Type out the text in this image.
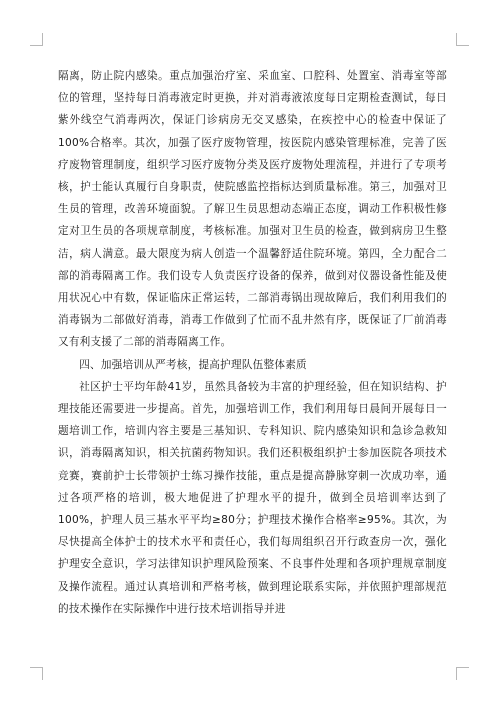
隔离，防止院内感染。重点加强治疗室、采血室、口腔科、处置室、消毒室等部位的管理，坚持每日消毒液定时更换，并对消毒液浓度每日定期检查测试，每日紫外线空气消毒两次，保证门诊病房无交叉感染，在疾控中心的检查中保证了100%合格率。其次，加强了医疗废物管理，按医院内感染管理标准，完善了医疗废物管理制度，组织学习医疗废物分类及医疗废物处理流程，并进行了专项考核，护士能认真履行自身职责，使院感监控指标达到质量标准。第三，加强对卫生员的管理，改善环境面貌。了解卫生员思想动态端正态度，调动工作积极性修定对卫生员的各项规章制度，考核标准。加强对卫生员的检查，做到病房卫生整洁，病人满意。最大限度为病人创造一个温馨舒适住院环境。第四，全力配合二部的消毒隔离工作。我们设专人负责医疗设备的保养，做到对仪器设备性能及使用状况心中有数，保证临床正常运转，二部消毒锅出现故障后，我们利用我们的消毒锅为二部做好消毒，消毒工作做到了忙而不乱井然有序，既保证了厂前消毒又有利支援了二部的消毒隔离工作。

四、加强培训从严考核，提高护理队伍整体素质

社区护士平均年龄41岁，虽然具备较为丰富的护理经验，但在知识结构、护理技能还需要进一步提高。首先，加强培训工作，我们利用每日晨间开展每日一题培训工作，培训内容主要是三基知识、专科知识、院内感染知识和急诊急救知识，消毒隔离知识，相关抗菌药物知识。我们还积极组织护士参加医院各项技术竞赛，赛前护士长带领护士练习操作技能，重点是提高静脉穿刺一次成功率，通过各项严格的培训，极大地促进了护理水平的提升，做到全员培训率达到了100%，护理人员三基水平平均≥80分；护理技术操作合格率≥95%。其次，为尽快提高全体护士的技术水平和责任心，我们每周组织召开行政查房一次，强化护理安全意识，学习法律知识护理风险预案、不良事件处理和各项护理规章制度及操作流程。通过认真培训和严格考核，做到理论联系实际，并依照护理部规范的技术操作在实际操作中进行技术培训指导并进
